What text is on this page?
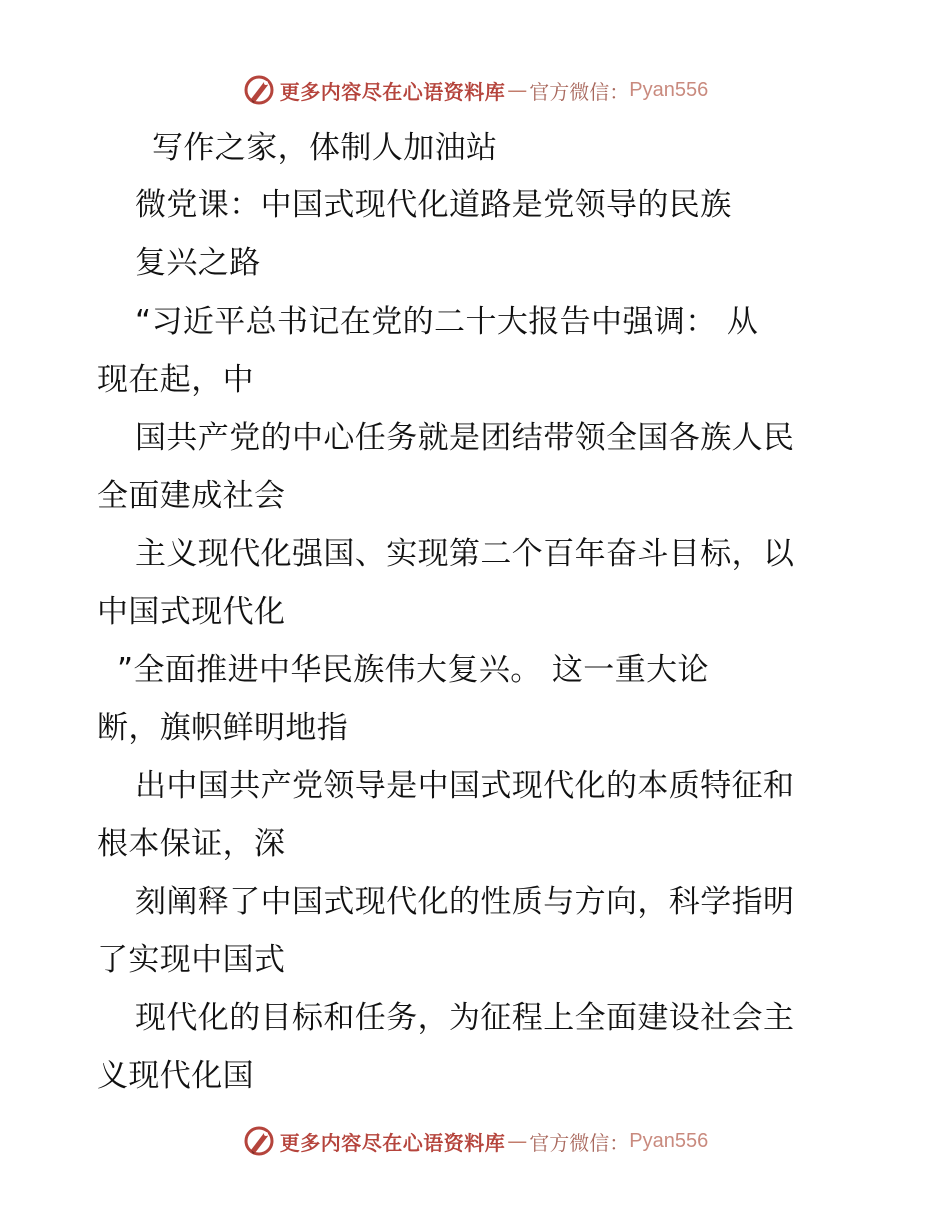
更多内容尽在心语资料库 — 官方微信： Pyan556
写作之家，体制人加油站
微党课：中国式现代化道路是党领导的民族
复兴之路
“习近平总书记在党的二十大报告中强调： 从
现在起，中
国共产党的中心任务就是团结带领全国各族人民
全面建成社会
主义现代化强国、实现第二个百年奋斗目标，以
中国式现代化
”全面推进中华民族伟大复兴。 这一重大论
断，旗帜鲜明地指
出中国共产党领导是中国式现代化的本质特征和
根本保证，深
刻阐释了中国式现代化的性质与方向，科学指明
了实现中国式
现代化的目标和任务，为征程上全面建设社会主
义现代化国
更多内容尽在心语资料库 — 官方微信： Pyan556
